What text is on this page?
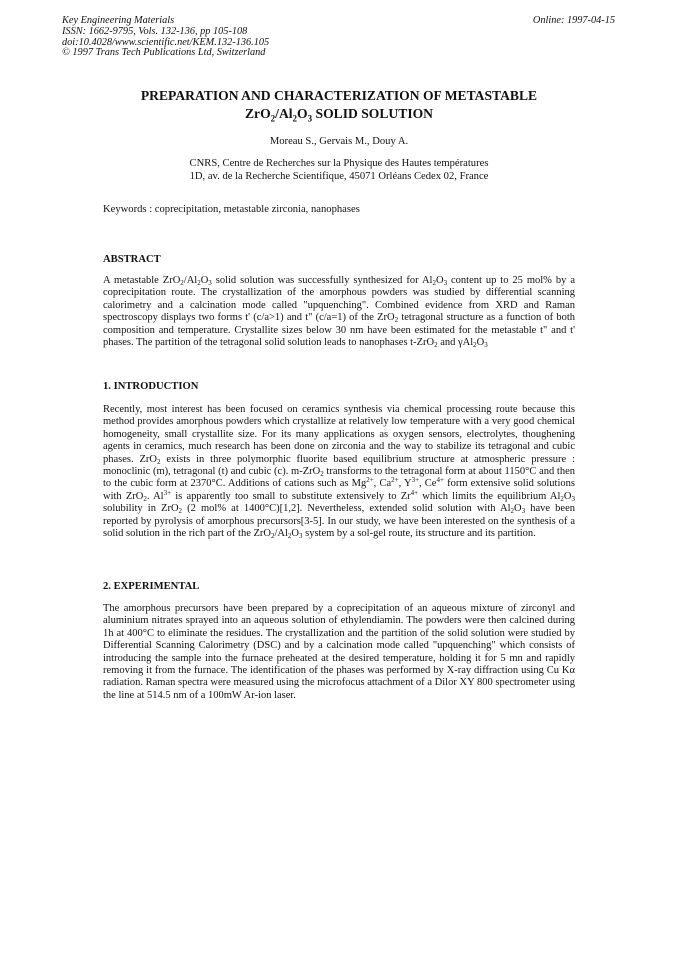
Key Engineering Materials
ISSN: 1662-9795, Vols. 132-136, pp 105-108
doi:10.4028/www.scientific.net/KEM.132-136.105
© 1997 Trans Tech Publications Ltd, Switzerland
Online: 1997-04-15
PREPARATION AND CHARACTERIZATION OF METASTABLE
$ZrO_2/Al_2O_3$ SOLID SOLUTION
Moreau S., Gervais M., Douy A.
CNRS, Centre de Recherches sur la Physique des Hautes températures
1D, av. de la Recherche Scientifique, 45071 Orléans Cedex 02, France
Keywords : coprecipitation, metastable zirconia, nanophases
ABSTRACT

A metastable $ZrO_2/Al_2O_3$ solid solution was successfully synthesized for $Al_2O_3$ content up to 25 mol% by a coprecipitation route. The crystallization of the amorphous powders was studied by differential scanning calorimetry and a calcination mode called "upquenching". Combined evidence from XRD and Raman spectroscopy displays two forms t' (c/a>1) and t" (c/a=1) of the ZrO$_2$ tetragonal structure as a function of both composition and temperature. Crystallite sizes below 30 nm have been estimated for the metastable t" and t' phases. The partition of the tetragonal solid solution leads to nanophases t-ZrO$_2$ and $\gamma Al_2O_3$

1. INTRODUCTION

Recently, most interest has been focused on ceramics synthesis via chemical processing route because this method provides amorphous powders which crystallize at relatively low temperature with a very good chemical homogeneity, small crystallite size. For its many applications as oxygen sensors, electrolytes, thoughening agents in ceramics, much research has been done on zirconia and the way to stabilize its tetragonal and cubic phases. ZrO$_2$ exists in three polymorphic fluorite based equilibrium structure at atmospheric pressure : monoclinic (m), tetragonal (t) and cubic (c). m-ZrO$_2$ transforms to the tetragonal form at about 1150°C and then to the cubic form at 2370°C. Additions of cations such as $Mg^{2+}$, $Ca^{2+}$, $Y^{3+}$, $Ce^{4+}$ form extensive solid solutions with ZrO$_2$. $Al^{3+}$ is apparently too small to substitute extensively to $Zr^{4+}$ which limits the equilibrium $Al_2O_3$ solubility in ZrO$_2$ (2 mol% at 1400°C)[1,2]. Nevertheless, extended solid solution with $Al_2O_3$ have been reported by pyrolysis of amorphous precursors[3-5]. In our study, we have been interested on the synthesis of a solid solution in the rich part of the $ZrO_2/Al_2O_3$ system by a sol-gel route, its structure and its partition.

2. EXPERIMENTAL

The amorphous precursors have been prepared by a coprecipitation of an aqueous mixture of zirconyl and aluminium nitrates sprayed into an aqueous solution of ethylendiamin. The powders were then calcined during 1h at 400°C to eliminate the residues. The crystallization and the partition of the solid solution were studied by Differential Scanning Calorimetry (DSC) and by a calcination mode called "upquenching" which consists of introducing the sample into the furnace preheated at the desired temperature, holding it for 5 mn and rapidly removing it from the furnace. The identification of the phases was performed by X-ray diffraction using Cu Kα radiation. Raman spectra were measured using the microfocus attachment of a Dilor XY 800 spectrometer using the line at 514.5 nm of a 100mW Ar-ion laser.
